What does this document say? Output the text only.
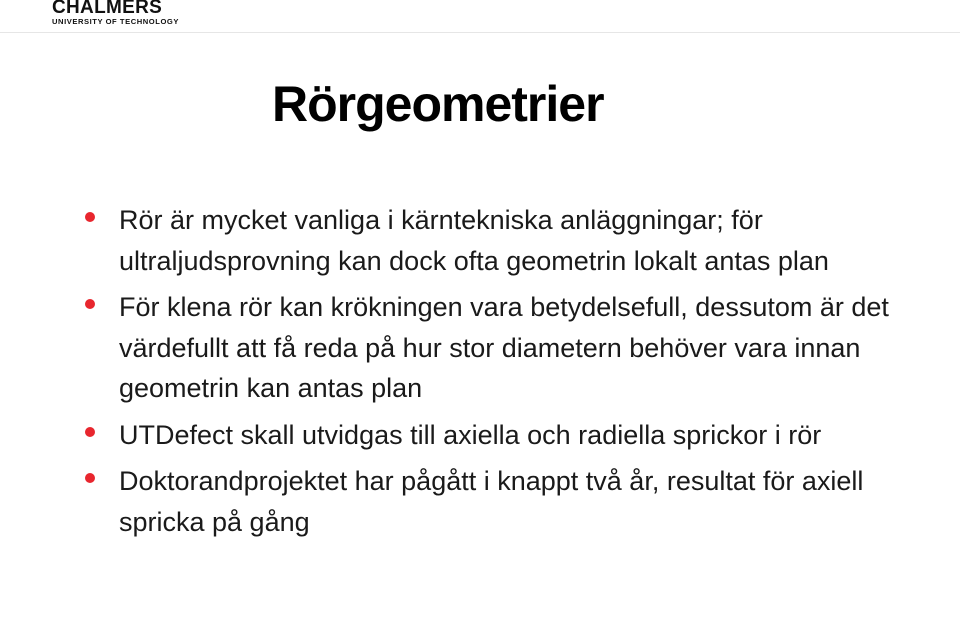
CHALMERS
UNIVERSITY OF TECHNOLOGY
Rörgeometrier
Rör är mycket vanliga i kärntekniska anläggningar; för ultraljudsprovning kan dock ofta geometrin lokalt antas plan
För klena rör kan krökningen vara betydelsefull, dessutom är det värdefullt att få reda på hur stor diametern behöver vara innan geometrin kan antas plan
UTDefect skall utvidgas till axiella och radiella sprickor i rör
Doktorandprojektet har pågått i knappt två år, resultat för axiell spricka på gång
